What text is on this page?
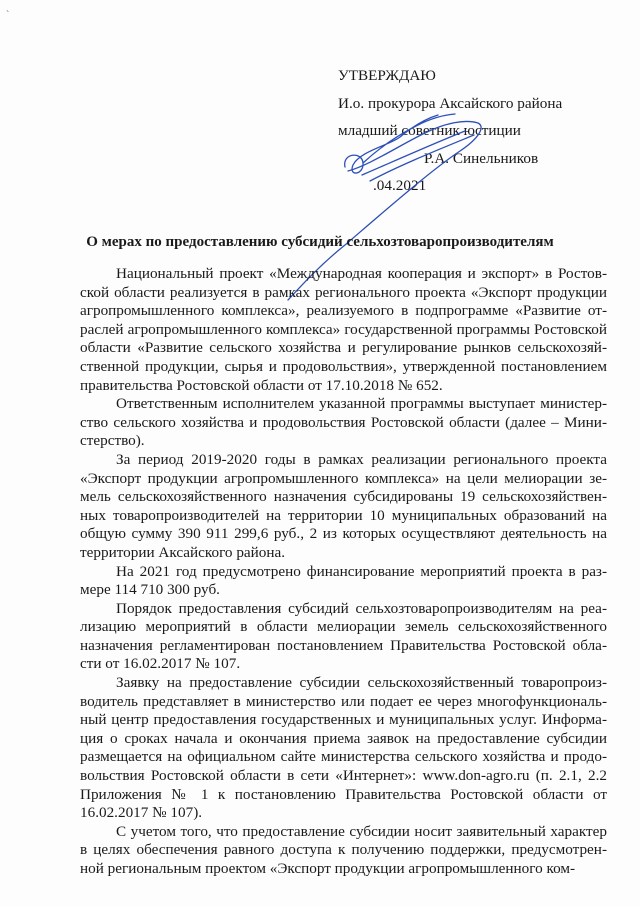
`
УТВЕРЖДАЮ
И.о. прокурора Аксайского района
младший советник юстиции
Р.А. Синельников
.04.2021
О мерах по предоставлению субсидий сельхозтоваропроизводителям

Национальный проект «Международная кооперация и экспорт» в Ростовской области реализуется в рамках регионального проекта «Экспорт продукции агропромышленного комплекса», реализуемого в подпрограмме «Развитие отраслей агропромышленного комплекса» государственной программы Ростовской области «Развитие сельского хозяйства и регулирование рынков сельскохозяйственной продукции, сырья и продовольствия», утвержденной постановлением правительства Ростовской области от 17.10.2018 № 652.

Ответственным исполнителем указанной программы выступает министерство сельского хозяйства и продовольствия Ростовской области (далее – Министерство).

За период 2019-2020 годы в рамках реализации регионального проекта «Экспорт продукции агропромышленного комплекса» на цели мелиорации земель сельскохозяйственного назначения субсидированы 19 сельскохозяйственных товаропроизводителей на территории 10 муниципальных образований на общую сумму 390 911 299,6 руб., 2 из которых осуществляют деятельность на территории Аксайского района.

На 2021 год предусмотрено финансирование мероприятий проекта в размере 114 710 300 руб.

Порядок предоставления субсидий сельхозтоваропроизводителям на реализацию мероприятий в области мелиорации земель сельскохозяйственного назначения регламентирован постановлением Правительства Ростовской области от 16.02.2017 № 107.

Заявку на предоставление субсидии сельскохозяйственный товаропроизводитель представляет в министерство или подает ее через многофункциональный центр предоставления государственных и муниципальных услуг. Информация о сроках начала и окончания приема заявок на предоставление субсидии размещается на официальном сайте министерства сельского хозяйства и продовольствия Ростовской области в сети «Интернет»: www.don-agro.ru (п. 2.1, 2.2 Приложения № 1 к постановлению Правительства Ростовской области от 16.02.2017 № 107).

С учетом того, что предоставление субсидии носит заявительный характер в целях обеспечения равного доступа к получению поддержки, предусмотренной региональным проектом «Экспорт продукции агропромышленного ком-
